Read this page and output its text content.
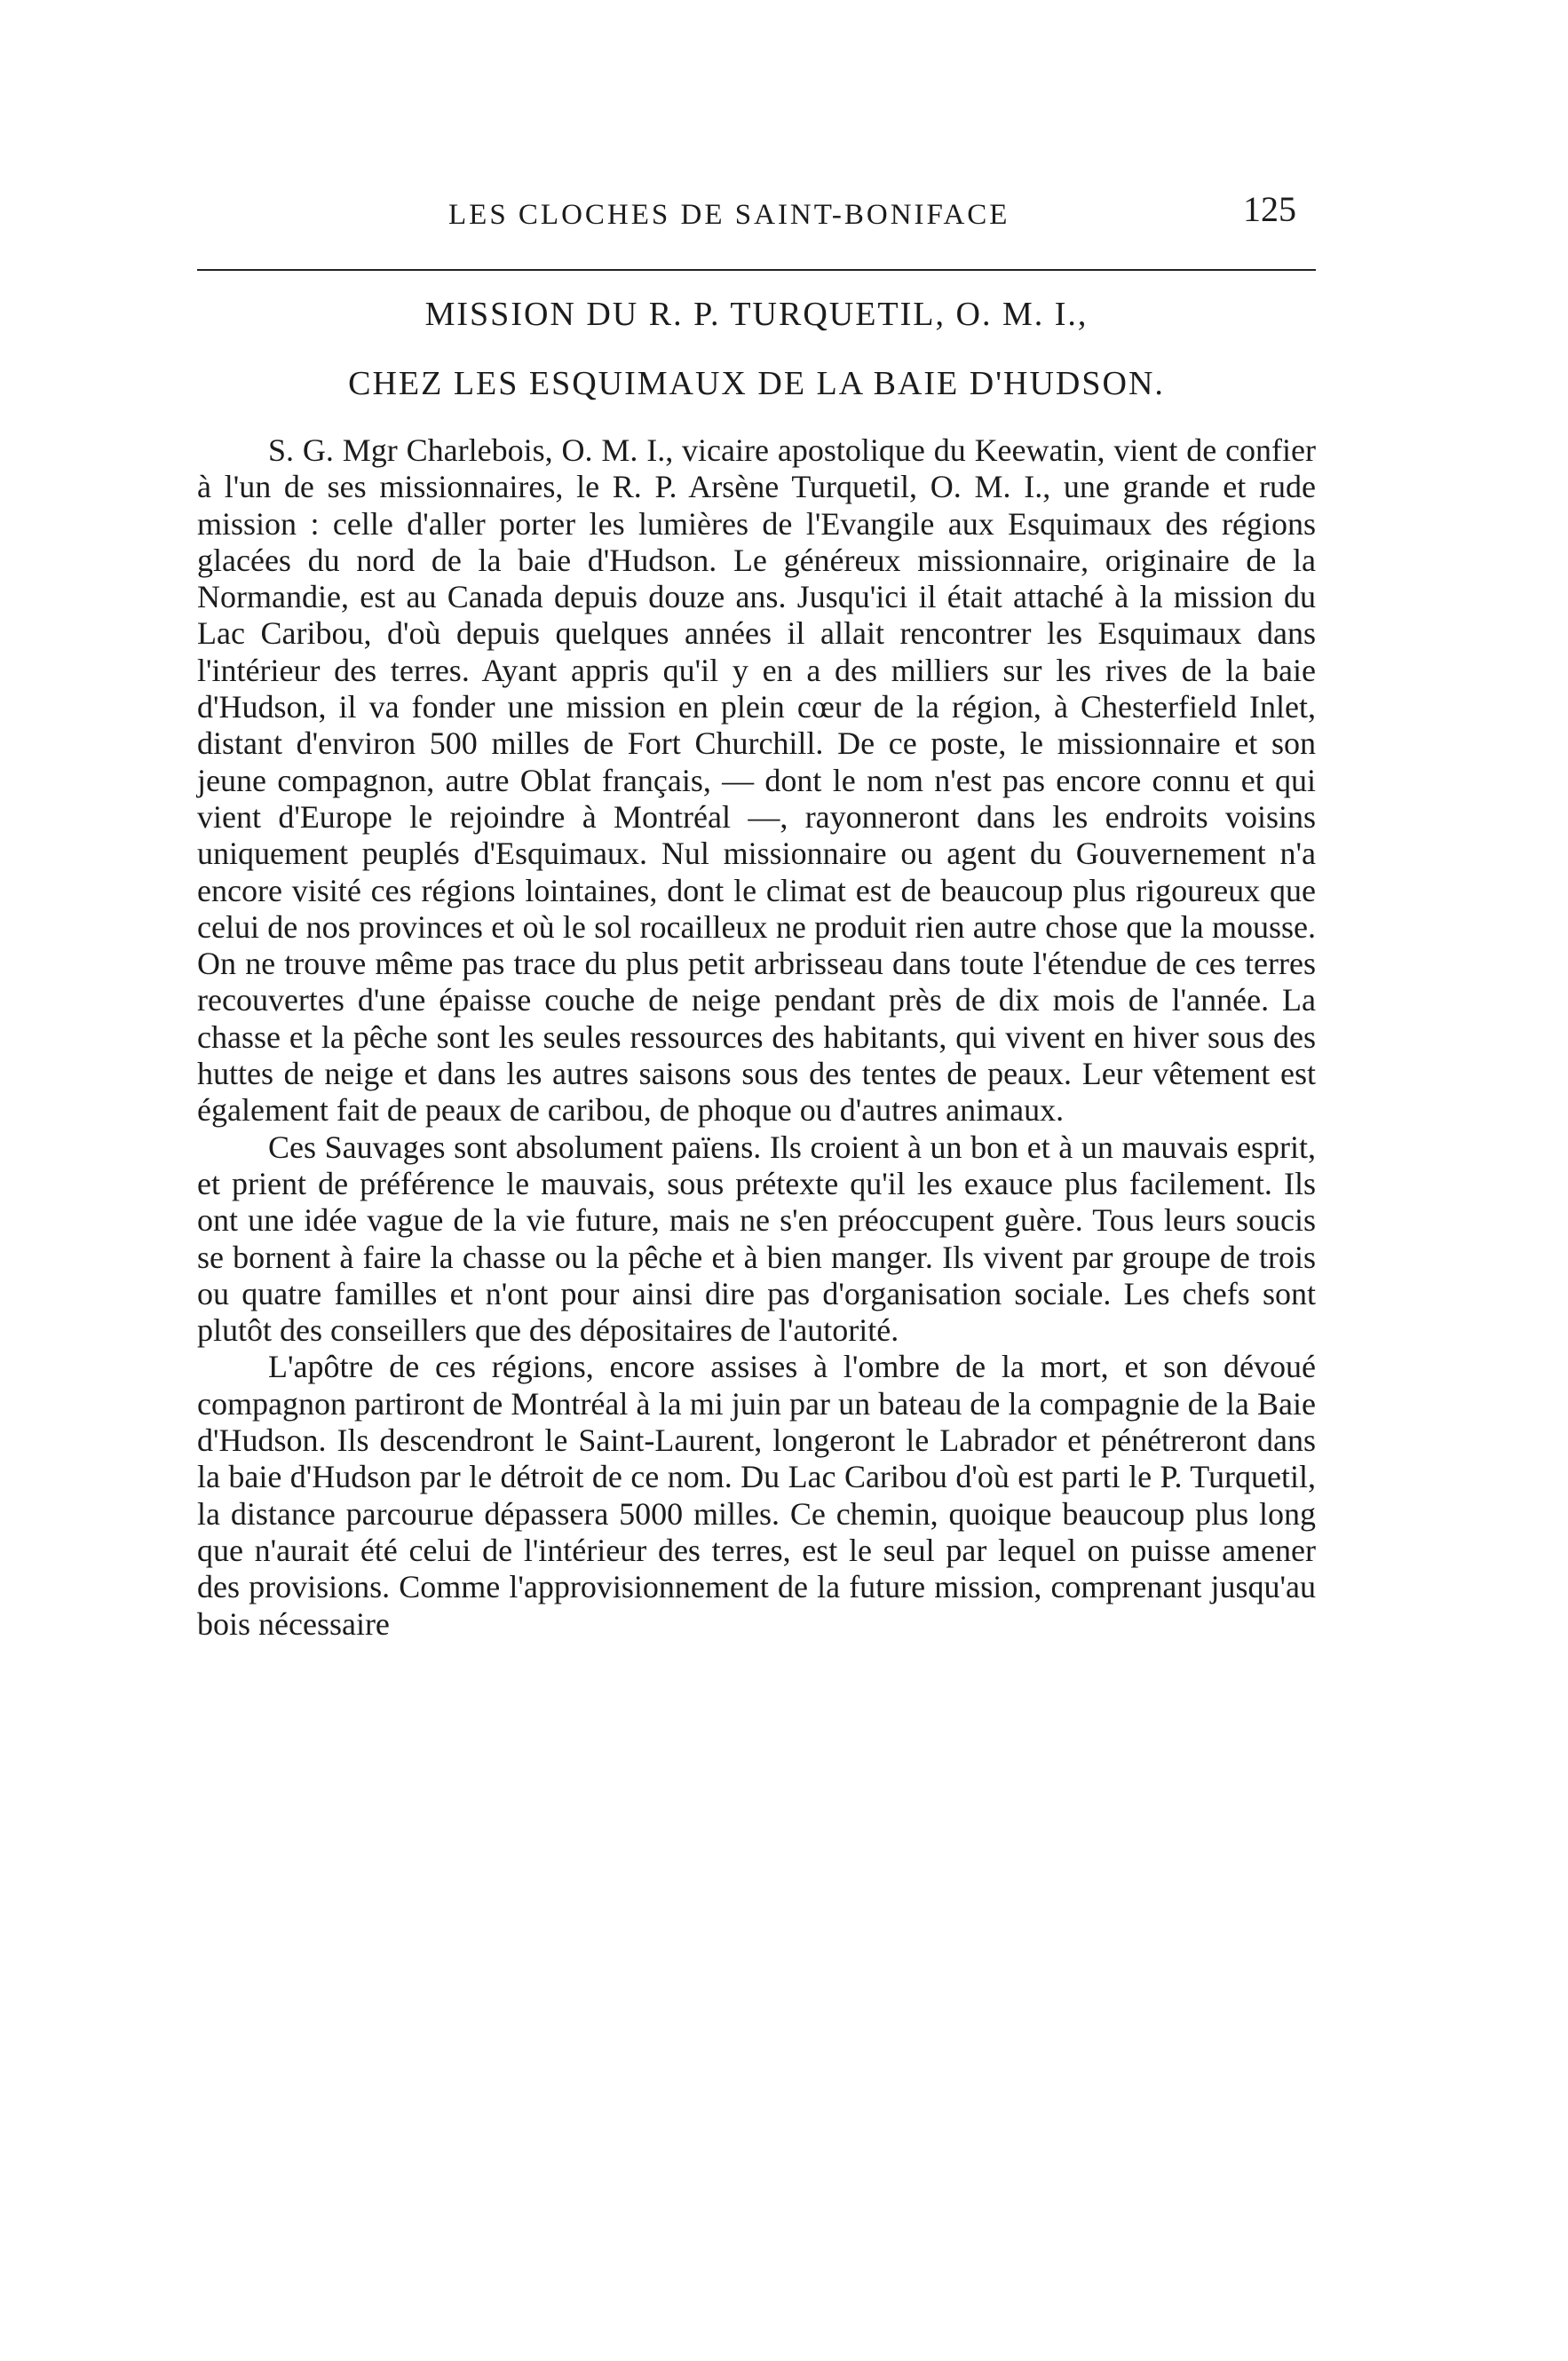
LES CLOCHES DE SAINT-BONIFACE	125
MISSION DU R. P. TURQUETIL, O. M. I.,
CHEZ LES ESQUIMAUX DE LA BAIE D'HUDSON.

S. G. Mgr Charlebois, O. M. I., vicaire apostolique du Keewatin, vient de confier à l'un de ses missionnaires, le R. P. Arsène Turquetil, O. M. I., une grande et rude mission : celle d'aller porter les lumières de l'Evangile aux Esquimaux des régions glacées du nord de la baie d'Hudson. Le généreux missionnaire, originaire de la Normandie, est au Canada depuis douze ans. Jusqu'ici il était attaché à la mission du Lac Caribou, d'où depuis quelques années il allait rencontrer les Esquimaux dans l'intérieur des terres. Ayant appris qu'il y en a des milliers sur les rives de la baie d'Hudson, il va fonder une mission en plein cœur de la région, à Chesterfield Inlet, distant d'environ 500 milles de Fort Churchill. De ce poste, le missionnaire et son jeune compagnon, autre Oblat français, — dont le nom n'est pas encore connu et qui vient d'Europe le rejoindre à Montréal —, rayonneront dans les endroits voisins uniquement peuplés d'Esquimaux. Nul missionnaire ou agent du Gouvernement n'a encore visité ces régions lointaines, dont le climat est de beaucoup plus rigoureux que celui de nos provinces et où le sol rocailleux ne produit rien autre chose que la mousse. On ne trouve même pas trace du plus petit arbrisseau dans toute l'étendue de ces terres recouvertes d'une épaisse couche de neige pendant près de dix mois de l'année. La chasse et la pêche sont les seules ressources des habitants, qui vivent en hiver sous des huttes de neige et dans les autres saisons sous des tentes de peaux. Leur vêtement est également fait de peaux de caribou, de phoque ou d'autres animaux.

Ces Sauvages sont absolument païens. Ils croient à un bon et à un mauvais esprit, et prient de préférence le mauvais, sous prétexte qu'il les exauce plus facilement. Ils ont une idée vague de la vie future, mais ne s'en préoccupent guère. Tous leurs soucis se bornent à faire la chasse ou la pêche et à bien manger. Ils vivent par groupe de trois ou quatre familles et n'ont pour ainsi dire pas d'organisation sociale. Les chefs sont plutôt des conseillers que des dépositaires de l'autorité.

L'apôtre de ces régions, encore assises à l'ombre de la mort, et son dévoué compagnon partiront de Montréal à la mi juin par un bateau de la compagnie de la Baie d'Hudson. Ils descendront le Saint-Laurent, longeront le Labrador et pénétreront dans la baie d'Hudson par le détroit de ce nom. Du Lac Caribou d'où est parti le P. Turquetil, la distance parcourue dépassera 5000 milles. Ce chemin, quoique beaucoup plus long que n'aurait été celui de l'intérieur des terres, est le seul par lequel on puisse amener des provisions. Comme l'approvisionnement de la future mission, comprenant jusqu'au bois nécessaire
